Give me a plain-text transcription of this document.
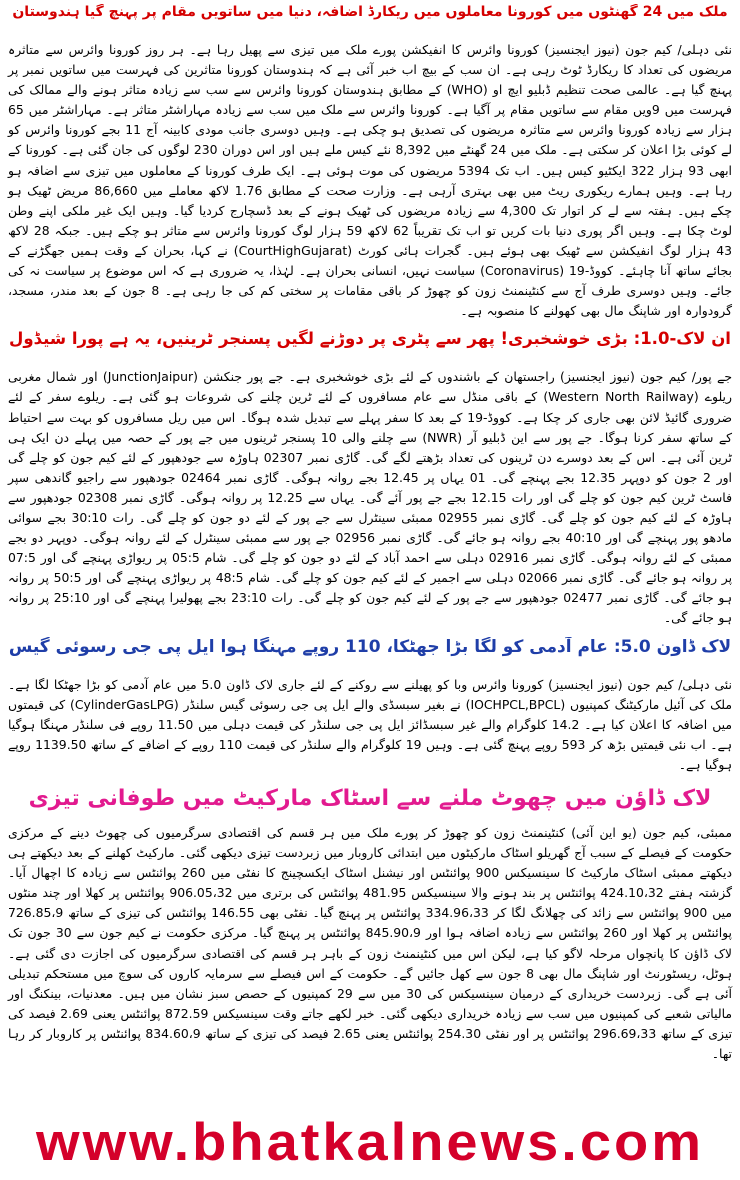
ملک میں 24 گھنٹوں میں کورونا معاملوں میں ریکارڈ اضافہ، دنیا میں ساتویں مقام پر پہنچ گیا ہندوستان

نئی دہلی/ کیم جون (نیوز ایجنسیز) کورونا وائرس کا انفیکشن پورے ملک میں تیزی سے پھیل رہا ہے۔ ہر روز کورونا وائرس سے متاثرہ مریضوں کی تعداد کا ریکارڈ ٹوٹ رہی ہے۔ ان سب کے بیچ اب خبر آئی ہے کہ ہندوستان کورونا متاثرین کی فہرست میں ساتویں نمبر پر پہنچ گیا ہے۔ عالمی صحت تنظیم ڈبلیو ایچ او (WHO) کے مطابق ہندوستان کورونا وائرس سے سب سے زیادہ متاثر ہونے والے ممالک کی فہرست میں 9ویں مقام سے ساتویں مقام پر آگیا ہے۔ کورونا وائرس سے ملک میں سب سے زیادہ مہاراشٹر متاثر ہے۔ مہاراشٹر میں 65 ہزار سے زیادہ کورونا وائرس سے متاثرہ مریضوں کی تصدیق ہو چکی ہے۔ وہیں دوسری جانب مودی کابینہ آج 11 بجے کورونا وائرس کو لے کوئی بڑا اعلان کر سکتی ہے۔ ملک میں 24 گھنٹے میں 8,392 نئے کیس ملے ہیں اور اس دوران 230 لوگوں کی جان گئی ہے۔ کورونا کے ابھی 93 ہزار 322 ایکٹیو کیس ہیں۔ اب تک 5394 مریضوں کی موت ہوئی ہے۔ ایک طرف کورونا کے معاملوں میں تیزی سے اضافہ ہو رہا ہے۔ وہیں ہمارے ریکوری ریٹ میں بھی بہتری آرہی ہے۔ وزارت صحت کے مطابق 1.76 لاکھ معاملے میں 86,660 مریض ٹھیک ہو چکے ہیں۔ ہفتہ سے لے کر اتوار تک 4,300 سے زیادہ مریضوں کی ٹھیک ہونے کے بعد ڈسچارج کردیا گیا۔ وہیں ایک غیر ملکی اپنے وطن لوٹ چکا ہے۔ وہیں اگر پوری دنیا بات کریں تو اب تک تقریباً 62 لاکھ 59 ہزار لوگ کورونا وائرس سے متاثر ہو چکے ہیں۔ جبکہ 28 لاکھ 43 ہزار لوگ انفیکشن سے ٹھیک بھی ہوئے ہیں۔ گجرات ہائی کورٹ (CourtHighGujarat) نے کہا، بحران کے وقت ہمیں جھگڑنے کے بجائے ساتھ آنا چاہئے۔ کووڈ-19 (Coronavirus) سیاست نہیں، انسانی بحران ہے۔ لہٰذا، یہ ضروری ہے کہ اس موضوع پر سیاست نہ کی جائے۔ وہیں دوسری طرف آج سے کنٹینمنٹ زون کو چھوڑ کر باقی مقامات پر سختی کم کی جا رہی ہے۔ 8 جون کے بعد مندر، مسجد، گرودوارہ اور شاپنگ مال بھی کھولنے کا منصوبہ ہے۔

ان لاک-1.0: بڑی خوشخبری! پھر سے پٹری پر دوڑنے لگیں پسنجر ٹرینیں، یہ ہے پورا شیڈول

جے پور/ کیم جون (نیوز ایجنسیز) راجستھان کے باشندوں کے لئے بڑی خوشخبری ہے۔ جے پور جنکشن (JunctionJaipur) اور شمال مغربی ریلوے (Western North Railway) کے باقی منڈل سے عام مسافروں کے لئے ٹرین چلنے کی شروعات ہو گئی ہے۔ ریلوے سفر کے لئے ضروری گائیڈ لائن بھی جاری کر چکا ہے۔ کووڈ-19 کے بعد کا سفر پہلے سے تبدیل شدہ ہوگا۔ اس میں ریل مسافروں کو بہت سے احتیاط کے ساتھ سفر کرنا ہوگا۔ جے پور سے این ڈبلیو آر (NWR) سے چلنے والی 10 پسنجر ٹرینوں میں جے پور کے حصہ میں پہلے دن ایک ہی ٹرین آئی ہے۔ اس کے بعد دوسرے دن ٹرینوں کی تعداد بڑھتے لگے گی۔ گاڑی نمبر 02307 ہاوڑہ سے جودھپور کے لئے کیم جون کو چلے گی اور 2 جون کو دوپہر 12.35 بجے پہنچے گی۔ 01 یہاں پر 12.45 بجے روانہ ہوگی۔ گاڑی نمبر 02464 جودھپور سے راجیو گاندھی سپر فاسٹ ٹرین کیم جون کو چلے گی اور رات 12.15 بجے جے پور آئے گی۔ یہاں سے 12.25 پر روانہ ہوگی۔ گاڑی نمبر 02308 جودھپور سے ہاوڑہ کے لئے کیم جون کو چلے گی۔ گاڑی نمبر 02955 ممبئی سینٹرل سے جے پور کے لئے دو جون کو چلے گی۔ رات 30:10 بجے سوائی مادھو پور پہنچے گی اور 40:10 بجے روانہ ہو جائے گی۔ گاڑی نمبر 02956 جے پور سے ممبئی سینٹرل کے لئے روانہ ہوگی۔ دوپہر دو بجے ممبئی کے لئے روانہ ہوگی۔ گاڑی نمبر 02916 دہلی سے احمد آباد کے لئے دو جون کو چلے گی۔ شام 05:5 پر ریواڑی پہنچے گی اور 07:5 پر روانہ ہو جائے گی۔ گاڑی نمبر 02066 دہلی سے اجمیر کے لئے کیم جون کو چلے گی۔ شام 48:5 پر ریواڑی پہنچے گی اور 50:5 پر روانہ ہو جائے گی۔ گاڑی نمبر 02477 جودھپور سے جے پور کے لئے کیم جون کو چلے گی۔ رات 23:10 بجے پھولیرا پہنچے گی اور 25:10 پر روانہ ہو جائے گی۔

لاک ڈاون 5.0: عام آدمی کو لگا بڑا جھٹکا، 110 روپے مہنگا ہوا ایل پی جی رسوئی گیس

نئی دہلی/ کیم جون (نیوز ایجنسیز) کورونا وائرس وبا کو پھیلنے سے روکنے کے لئے جاری لاک ڈاون 5.0 میں عام آدمی کو بڑا جھٹکا لگا ہے۔ ملک کی آئیل مارکیٹنگ کمپنیوں (IOCHPCL,BPCL) نے بغیر سبسڈی والے ایل پی جی رسوئی گیس سلنڈر (CylinderGasLPG) کی قیمتوں میں اضافہ کا اعلان کیا ہے۔ 14.2 کلوگرام والے غیر سبسڈائز ایل پی جی سلنڈر کی قیمت دہلی میں 11.50 روپے فی سلنڈر مہنگا ہوگیا ہے۔ اب نئی قیمتیں بڑھ کر 593 روپے پہنچ گئی ہے۔ وہیں 19 کلوگرام والے سلنڈر کی قیمت 110 روپے کے اضافے کے ساتھ 1139.50 روپے ہوگیا ہے۔

لاک ڈاؤن میں چھوٹ ملنے سے اسٹاک مارکیٹ میں طوفانی تیزی

ممبئی، کیم جون (یو این آئی) کنٹینمنٹ زون کو چھوڑ کر پورے ملک میں ہر قسم کی اقتصادی سرگرمیوں کی چھوٹ دینے کے مرکزی حکومت کے فیصلے کے سبب آج گھریلو اسٹاک مارکیٹوں میں ابتدائی کاروبار میں زبردست تیزی دیکھی گئی۔ مارکیٹ کھلنے کے بعد دیکھتے ہی دیکھتے ممبئی اسٹاک مارکیٹ کا سینسیکس 900 پوائنٹس اور نیشنل اسٹاک ایکسچینج کا نفٹی میں 260 پوائنٹس سے زیادہ کا اچھال آیا۔ گزشتہ ہفتے 424.10،32 پوائنٹس پر بند ہونے والا سینسیکس 481.95 پوائنٹس کی برتری میں 906.05،32 پوائنٹس پر کھلا اور چند منٹوں میں 900 پوائنٹس سے زائد کی چھلانگ لگا کر 334.96،33 پوائنٹس پر پہنچ گیا۔ نفٹی بھی 146.55 پوائنٹس کی تیزی کے ساتھ 726.85،9 پوائنٹس پر کھلا اور 260 پوائنٹس سے زیادہ اضافہ ہوا اور 845.90،9 پوائنٹس پر پہنچ گیا۔ مرکزی حکومت نے کیم جون سے 30 جون تک لاک ڈاؤن کا پانچواں مرحلہ لاگو کیا ہے، لیکن اس میں کنٹینمنٹ زون کے باہر ہر قسم کی اقتصادی سرگرمیوں کی اجازت دی گئی ہے۔ ہوٹل، ریسٹورنٹ اور شاپنگ مال بھی 8 جون سے کھل جائیں گے۔ حکومت کے اس فیصلے سے سرمایہ کاروں کی سوچ میں مستحکم تبدیلی آئی ہے گی۔ زبردست خریداری کے درمیان سینسیکس کی 30 میں سے 29 کمپنیوں کے حصص سبز نشان میں ہیں۔ معدنیات، بینکنگ اور مالیاتی شعبے کی کمپنیوں میں سب سے زیادہ خریداری دیکھی گئی۔ خبر لکھے جاتے وقت سینسیکس 872.59 پوائنٹس یعنی 2.69 فیصد کی تیزی کے ساتھ 296.69،33 پوائنٹس پر اور نفٹی 254.30 پوائنٹس یعنی 2.65 فیصد کی تیزی کے ساتھ 834.60،9 پوائنٹس پر کاروبار کر رہا تھا۔

www.bhatkalnews.com
